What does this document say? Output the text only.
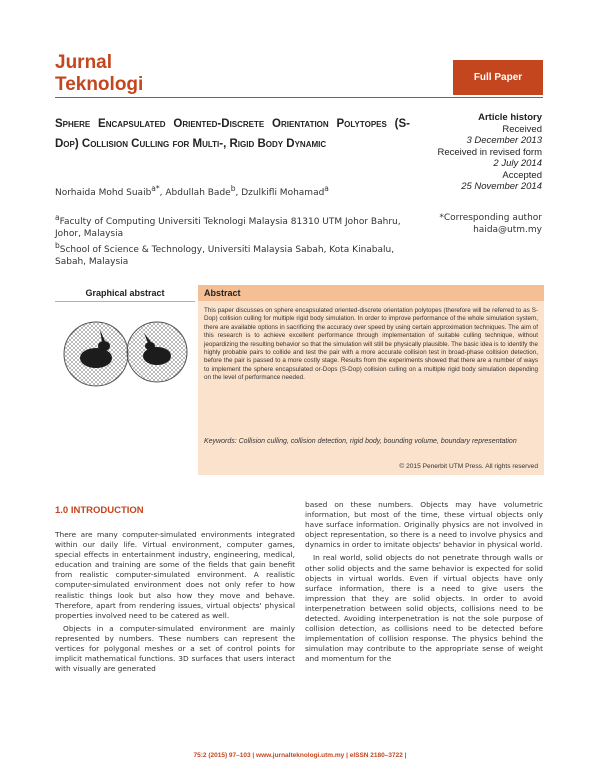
Jurnal
Teknologi	Full Paper
Sphere Encapsulated Oriented-Discrete Orientation Polytopes (S-Dop) Collision Culling for Multi-, Rigid Body Dynamic
Article history
Received
3 December 2013
Received in revised form
2 July 2014
Accepted
25 November 2014
Norhaida Mohd Suaib$^{a*}$, Abdullah Bade$^b$, Dzulkifli Mohamad$^a$

$^a$Faculty of Computing Universiti Teknologi Malaysia 81310 UTM Johor Bahru, Johor, Malaysia

$^b$School of Science & Technology, Universiti Malaysia Sabah, Kota Kinabalu, Sabah, Malaysia

*Corresponding author
haida@utm.my
Graphical abstract	Abstract

This paper discusses on sphere encapsulated oriented-discrete orientation polytopes (therefore will be referred to as S-Dop) collision culling for multiple rigid body simulation. In order to improve performance of the whole simulation system, there are available options in sacrificing the accuracy over speed by using certain approximation techniques. The aim of this research is to achieve excellent performance through implementation of suitable culling technique, without jeopardizing the resulting behavior so that the simulation will still be physically plausible. The basic idea is to identify the highly probable pairs to collide and test the pair with a more accurate collision test in broad-phase collision detection, before the pair is passed to a more costly stage. Results from the experiments showed that there are a number of ways to implement the sphere encapsulated or-Dops (S-Dop) collision culling on a multiple rigid body simulation depending on the level of performance needed.

Keywords: Collision culling, collision detection, rigid body, bounding volume, boundary representation
© 2015 Penerbit UTM Press. All rights reserved
1.0 INTRODUCTION

There are many computer-simulated environments integrated within our daily life. Virtual environment, computer games, special effects in entertainment industry, engineering, medical, education and training are some of the fields that gain benefit from realistic computer-simulated environment. A realistic computer-simulated environment does not only refer to how realistic things look but also how they move and behave. Therefore, apart from rendering issues, virtual objects' physical properties involved need to be catered as well.

Objects in a computer-simulated environment are mainly represented by numbers. These numbers can represent the vertices for polygonal meshes or a set of control points for implicit mathematical functions. 3D surfaces that users interact with visually are generated

based on these numbers. Objects may have volumetric information, but most of the time, these virtual objects only have surface information. Originally physics are not involved in object representation, so there is a need to involve physics and dynamics in order to imitate objects' behavior in physical world.

In real world, solid objects do not penetrate through walls or other solid objects and the same behavior is expected for solid objects in virtual worlds. Even if virtual objects have only surface information, there is a need to give users the impression that they are solid objects. In order to avoid interpenetration between solid objects, collisions need to be detected. Avoiding interpenetration is not the sole purpose of collision detection, as collisions need to be detected before implementation of collision response. The physics behind the simulation may contribute to the appropriate sense of weight and momentum for the

75:2 (2015) 97–103 | www.jurnalteknologi.utm.my | eISSN 2180–3722 |
